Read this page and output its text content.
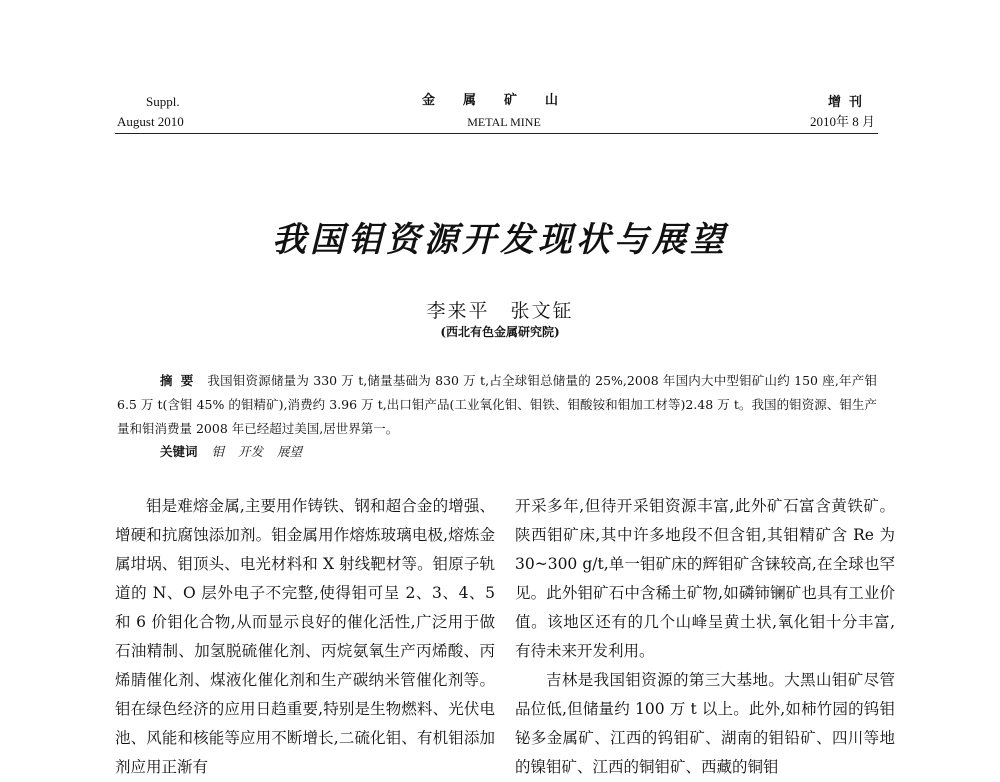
Suppl.
August 2010
金属矿山
METAL MINE
增刊
2010年 8 月
我国钼资源开发现状与展望
李来平　张文钲
(西北有色金属研究院)
摘要 我国钼资源储量为 330 万 t,储量基础为 830 万 t,占全球钼总储量的 25%,2008 年国内大中型钼矿山约 150 座,年产钼 6.5 万 t(含钼 45% 的钼精矿),消费约 3.96 万 t,出口钼产品(工业氧化钼、钼铁、钼酸铵和钼加工材等)2.48 万 t。我国的钼资源、钼生产量和钼消费量 2008 年已经超过美国,居世界第一。
关键词 钼 开发 展望

钼是难熔金属,主要用作铸铁、钢和超合金的增强、增硬和抗腐蚀添加剂。钼金属用作熔炼玻璃电极,熔炼金属坩埚、钼顶头、电光材料和 X 射线靶材等。钼原子轨道的 N、O 层外电子不完整,使得钼可呈 2、3、4、5 和 6 价钼化合物,从而显示良好的催化活性,广泛用于做石油精制、加氢脱硫催化剂、丙烷氨氧生产丙烯酸、丙烯腈催化剂、煤液化催化剂和生产碳纳米管催化剂等。钼在绿色经济的应用日趋重要,特别是生物燃料、光伏电池、风能和核能等应用不断增长,二硫化钼、有机钼添加剂应用正渐有

开采多年,但待开采钼资源丰富,此外矿石富含黄铁矿。陕西钼矿床,其中许多地段不但含钼,其钼精矿含 Re 为 30~300 g/t,单一钼矿床的辉钼矿含铼较高,在全球也罕见。此外钼矿石中含稀土矿物,如磷铈镧矿也具有工业价值。该地区还有的几个山峰呈黄土状,氧化钼十分丰富,有待未来开发利用。

吉林是我国钼资源的第三大基地。大黑山钼矿尽管品位低,但储量约 100 万 t 以上。此外,如柿竹园的钨钼铋多金属矿、江西的钨钼矿、湖南的钼铅矿、四川等地的镍钼矿、江西的铜钼矿、西藏的铜钼
